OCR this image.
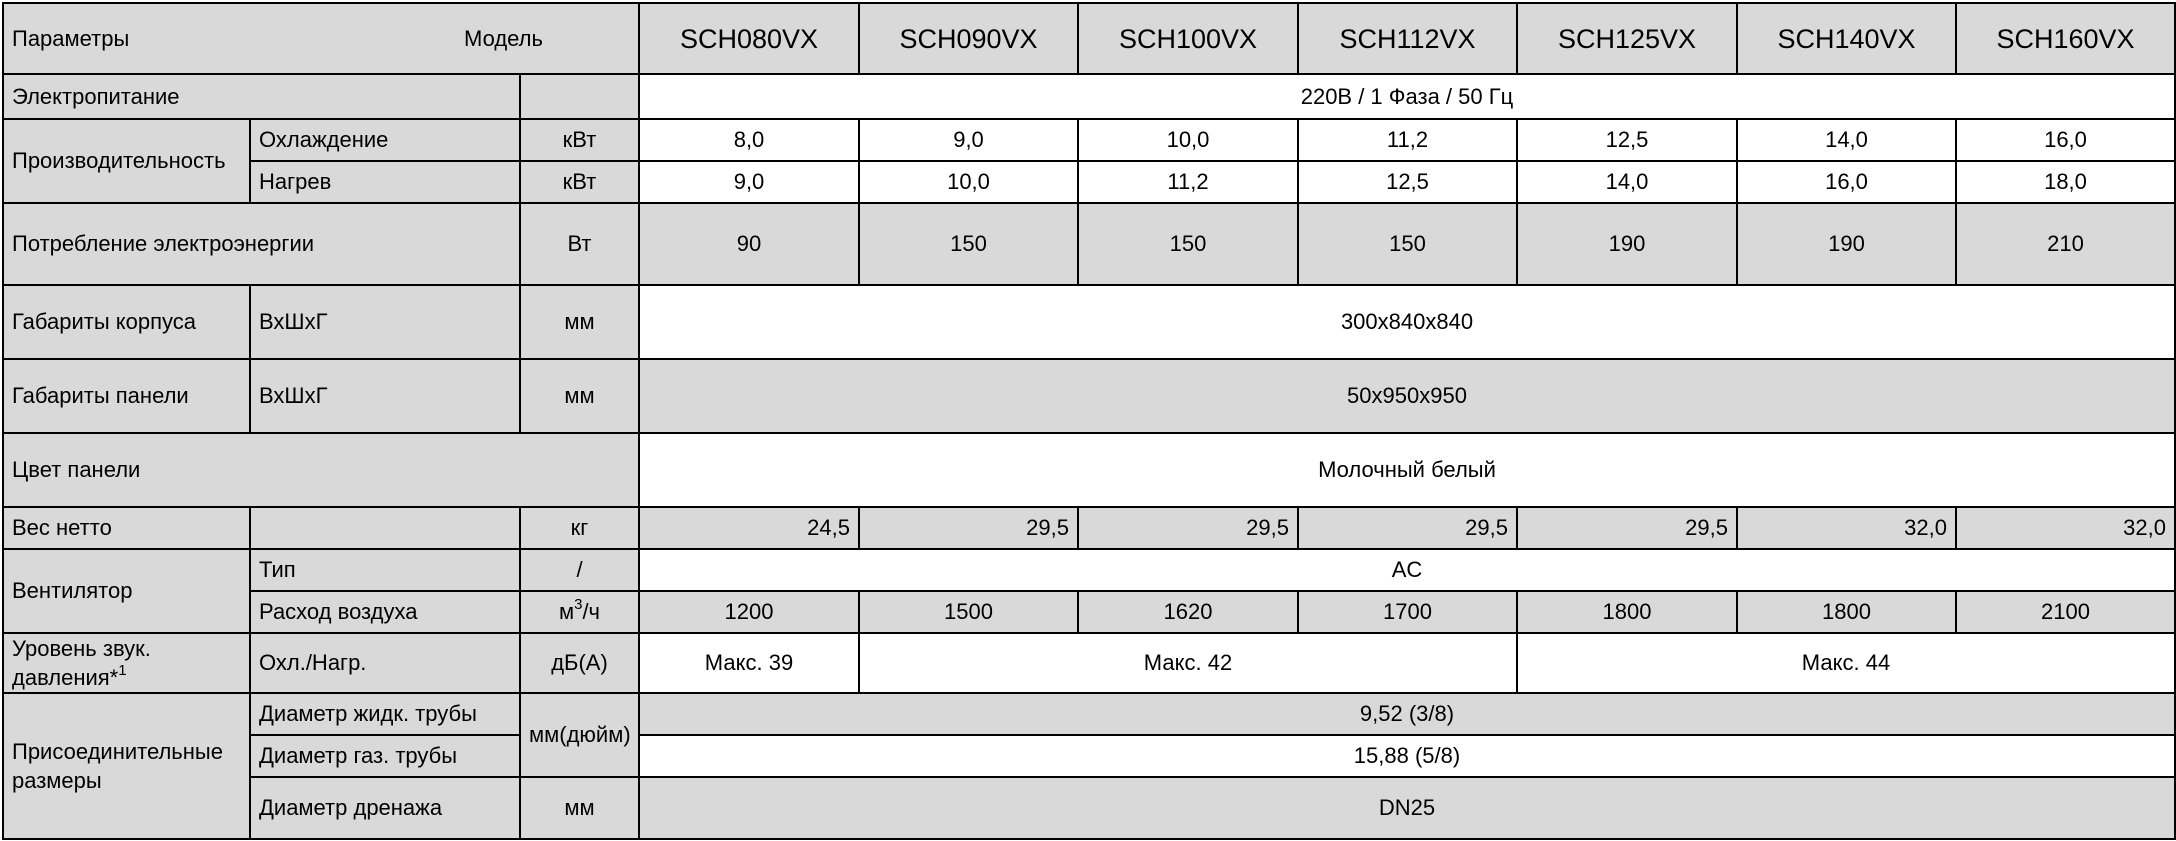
Параметры Модель			SCH080VX	SCH090VX	SCH100VX	SCH112VX	SCH125VX	SCH140VX	SCH160VX
Электропитание			220В / 1 Фаза / 50 Гц						
Производительность	Охлаждение	кВт	8,0	9,0	10,0	11,2	12,5	14,0	16,0
	Нагрев	кВт	9,0	10,0	11,2	12,5	14,0	16,0	18,0
Потребление электроэнергии		Вт	90	150	150	150	190	190	210
Габариты корпуса	ВхШхГ	мм	300x840x840						
Габариты панели	ВхШхГ	мм	50x950x950						
Цвет панели			Молочный белый						
Вес нетто		кг	24,5	29,5	29,5	29,5	29,5	32,0	32,0
Вентилятор	Тип	/	AC						
	Расход воздуха	$м^3/ч$	1200	1500	1620	1700	1800	1800	2100
Уровень звук. давления*$^1$	Охл./Нагр.	дБ(А)	Макс. 39	Макс. 42			Макс. 44		
Присоединительные размеры	Диаметр жидк. трубы	мм(дюйм)	9,52 (3/8)						
	Диаметр газ. трубы		15,88 (5/8)						
	Диаметр дренажа	мм	DN25						
